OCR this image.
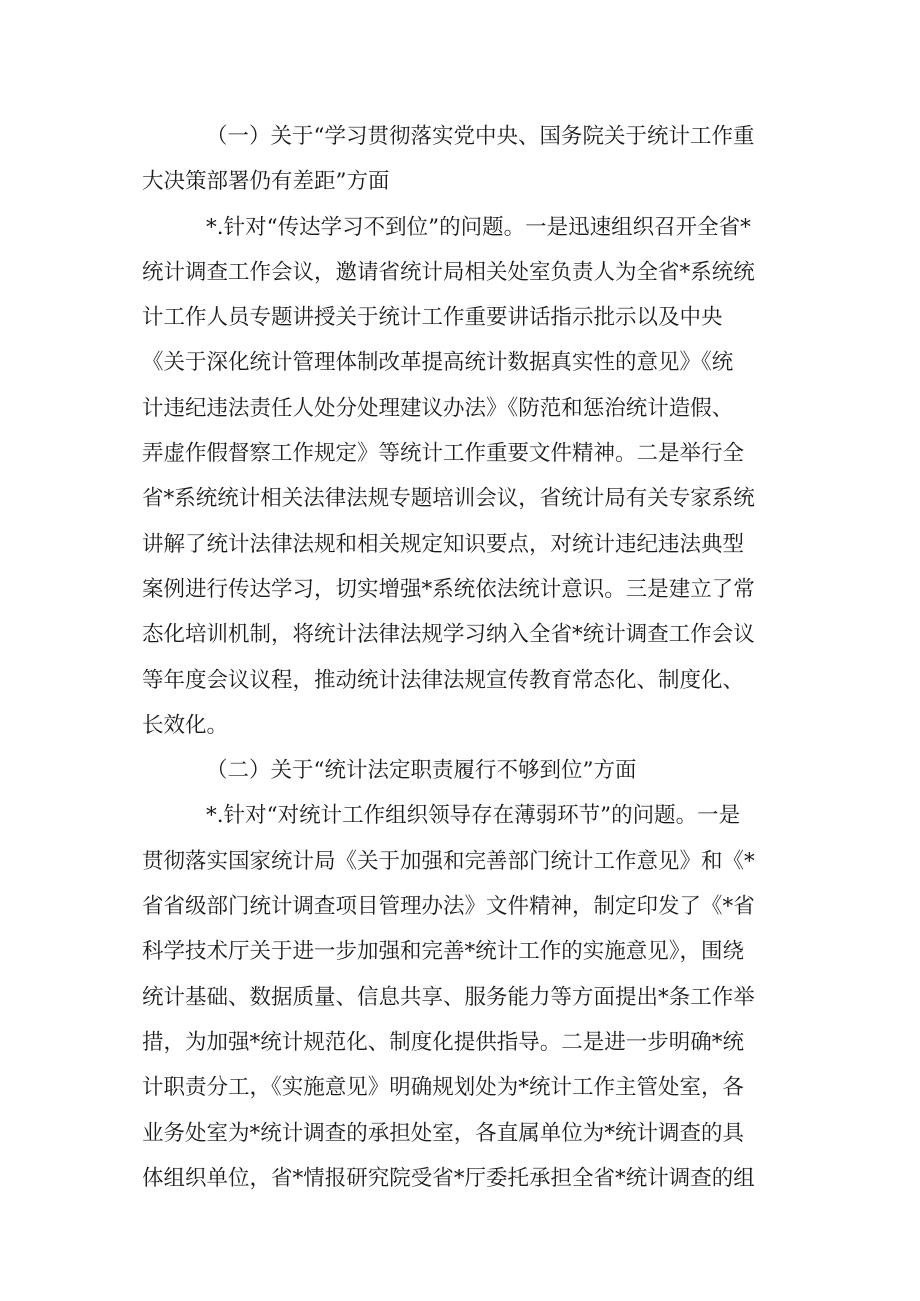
（一）关于“学习贯彻落实党中央、国务院关于统计工作重
大决策部署仍有差距”方面
*.针对“传达学习不到位”的问题。一是迅速组织召开全省*
统计调查工作会议，邀请省统计局相关处室负责人为全省*系统统
计工作人员专题讲授关于统计工作重要讲话指示批示以及中央
《关于深化统计管理体制改革提高统计数据真实性的意见》《统
计违纪违法责任人处分处理建议办法》《防范和惩治统计造假、
弄虚作假督察工作规定》等统计工作重要文件精神。二是举行全
省*系统统计相关法律法规专题培训会议，省统计局有关专家系统
讲解了统计法律法规和相关规定知识要点，对统计违纪违法典型
案例进行传达学习，切实增强*系统依法统计意识。三是建立了常
态化培训机制，将统计法律法规学习纳入全省*统计调查工作会议
等年度会议议程，推动统计法律法规宣传教育常态化、制度化、
长效化。
（二）关于“统计法定职责履行不够到位”方面
*.针对“对统计工作组织领导存在薄弱环节”的问题。一是
贯彻落实国家统计局《关于加强和完善部门统计工作意见》和《*
省省级部门统计调查项目管理办法》文件精神，制定印发了《*省
科学技术厅关于进一步加强和完善*统计工作的实施意见》，围绕
统计基础、数据质量、信息共享、服务能力等方面提出*条工作举
措，为加强*统计规范化、制度化提供指导。二是进一步明确*统
计职责分工，《实施意见》明确规划处为*统计工作主管处室，各
业务处室为*统计调查的承担处室，各直属单位为*统计调查的具
体组织单位，省*情报研究院受省*厅委托承担全省*统计调查的组
